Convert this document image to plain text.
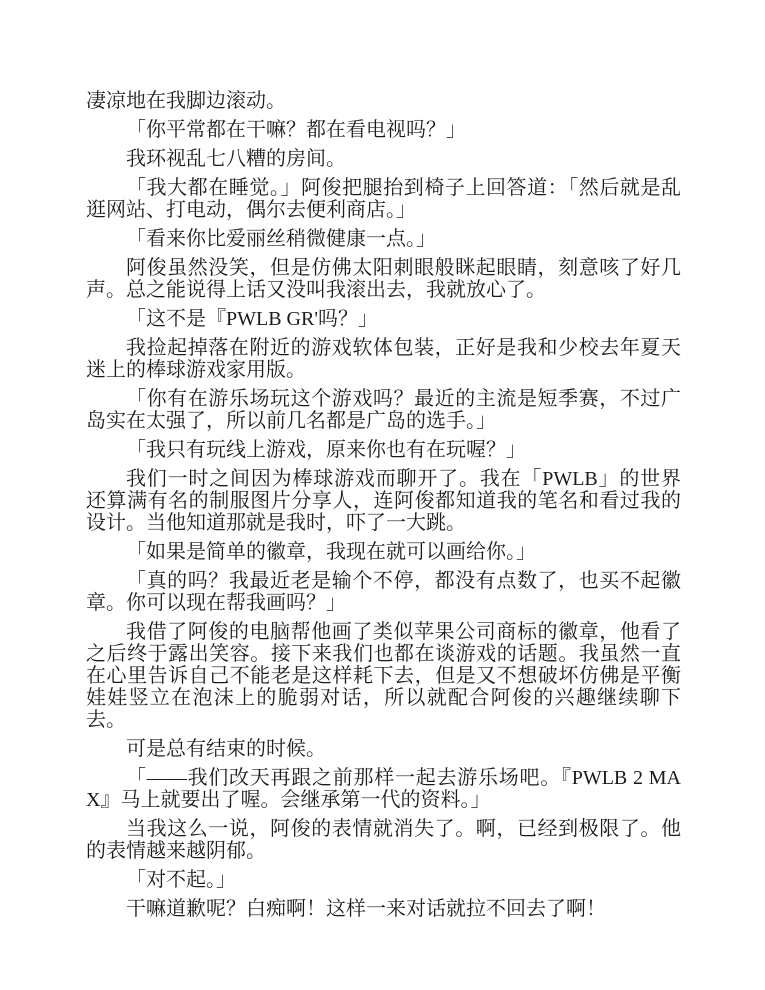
凄凉地在我脚边滚动。

「你平常都在干嘛？都在看电视吗？」

我环视乱七八糟的房间。

「我大都在睡觉。」阿俊把腿抬到椅子上回答道：「然后就是乱逛网站、打电动，偶尔去便利商店。」

「看来你比爱丽丝稍微健康一点。」

阿俊虽然没笑，但是仿佛太阳刺眼般眯起眼睛，刻意咳了好几声。总之能说得上话又没叫我滚出去，我就放心了。

「这不是『PWLB GR'吗？」

我捡起掉落在附近的游戏软体包装，正好是我和少校去年夏天迷上的棒球游戏家用版。

「你有在游乐场玩这个游戏吗？最近的主流是短季赛，不过广岛实在太强了，所以前几名都是广岛的选手。」

「我只有玩线上游戏，原来你也有在玩喔？」

我们一时之间因为棒球游戏而聊开了。我在「PWLB」的世界还算满有名的制服图片分享人，连阿俊都知道我的笔名和看过我的设计。当他知道那就是我时，吓了一大跳。

「如果是简单的徽章，我现在就可以画给你。」

「真的吗？我最近老是输个不停，都没有点数了，也买不起徽章。你可以现在帮我画吗？」

我借了阿俊的电脑帮他画了类似苹果公司商标的徽章，他看了之后终于露出笑容。接下来我们也都在谈游戏的话题。我虽然一直在心里告诉自己不能老是这样耗下去，但是又不想破坏仿佛是平衡娃娃竖立在泡沫上的脆弱对话，所以就配合阿俊的兴趣继续聊下去。

可是总有结束的时候。

「——我们改天再跟之前那样一起去游乐场吧。『PWLB 2 MAX』马上就要出了喔。会继承第一代的资料。」

当我这么一说，阿俊的表情就消失了。啊，已经到极限了。他的表情越来越阴郁。

「对不起。」

干嘛道歉呢？白痴啊！这样一来对话就拉不回去了啊！
